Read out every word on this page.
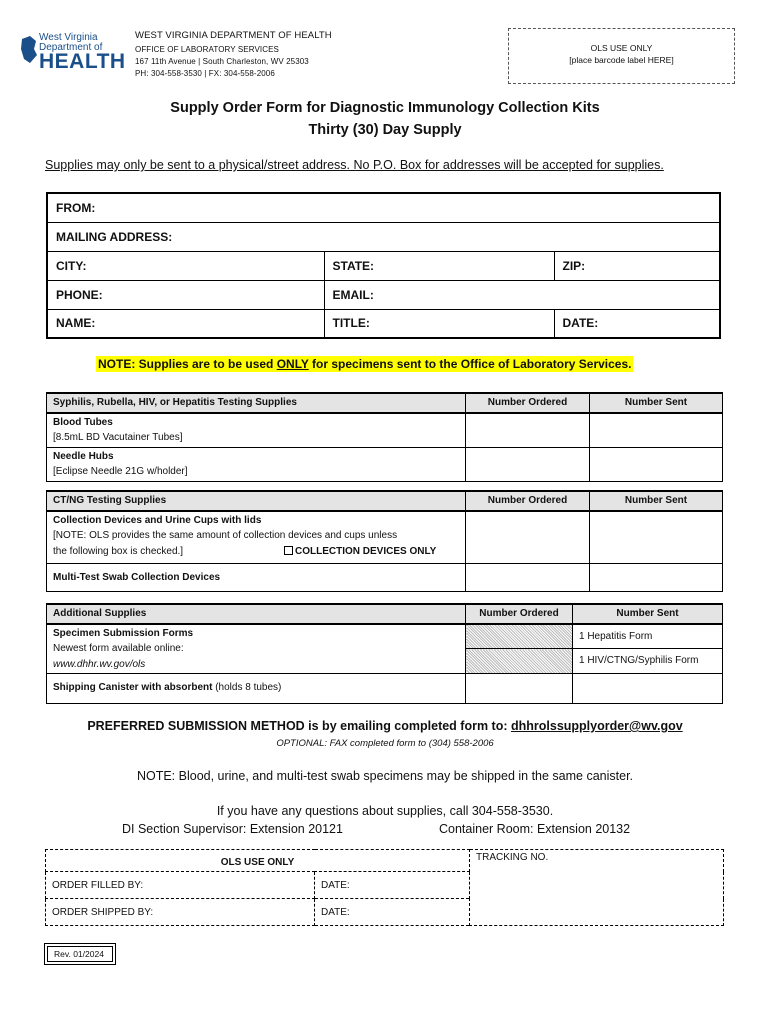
West Virginia
Department of
HEALTH
WEST VIRGINIA DEPARTMENT OF HEALTH
OFFICE OF LABORATORY SERVICES
167 11th Avenue | South Charleston, WV 25303
PH: 304-558-3530 | FX: 304-558-2006
OLS USE ONLY
[place barcode label HERE]
Supply Order Form for Diagnostic Immunology Collection Kits
Thirty (30) Day Supply
Supplies may only be sent to a physical/street address. No P.O. Box for addresses will be accepted for supplies.
FROM:		
MAILING ADDRESS:		
CITY:	STATE:	ZIP:
PHONE:	EMAIL:	
NAME:	TITLE:	DATE:
NOTE: Supplies are to be used ONLY for specimens sent to the Office of Laboratory Services.
Syphilis, Rubella, HIV, or Hepatitis Testing Supplies	Number Ordered	Number Sent

Blood Tubes
[8.5mL BD Vacutainer Tubes]		

Needle Hubs
[Eclipse Needle 21G w/holder]		

CT/NG Testing Supplies	Number Ordered	Number Sent

Collection Devices and Urine Cups with lids
[NOTE: OLS provides the same amount of collection devices and cups unless
the following box is checked.] COLLECTION DEVICES ONLY		

Multi-Test Swab Collection Devices		
Additional Supplies	Number Ordered	Number Sent

Specimen Submission Forms
Newest form available online:
www.dhhr.wv.gov/ols		1 Hepatitis Form
		1 HIV/CTNG/Syphilis Form
Shipping Canister with absorbent (holds 8 tubes)		
PREFERRED SUBMISSION METHOD is by emailing completed form to: dhhrolssupplyorder@wv.gov
OPTIONAL: FAX completed form to (304) 558-2006
NOTE: Blood, urine, and multi-test swab specimens may be shipped in the same canister.
If you have any questions about supplies, call 304-558-3530.
DI Section Supervisor: Extension 20121	Container Room: Extension 20132
OLS USE ONLY		TRACKING NO.
ORDER FILLED BY:	DATE:	
ORDER SHIPPED BY:	DATE:	
Rev. 01/2024
